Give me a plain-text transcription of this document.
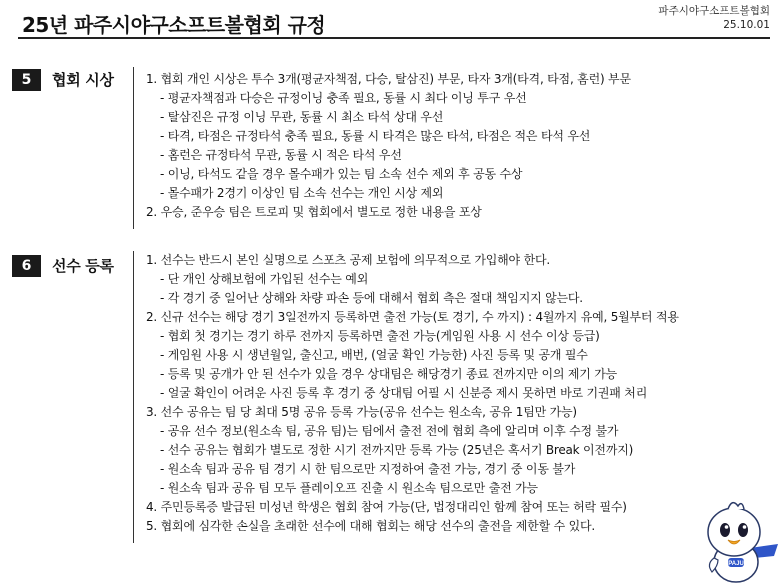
25년 파주시야구소프트볼협회 규정
파주시야구소프트볼협회
25.10.01
5	협회 시상	1. 협회 개인 시상은 투수 3개(평균자책점, 다승, 탈삼진) 부문, 타자 3개(타격, 타점, 홈런) 부문
- 평균자책점과 다승은 규정이닝 충족 필요, 동률 시 최다 이닝 투구 우선
- 탈삼진은 규정 이닝 무관, 동률 시 최소 타석 상대 우선
- 타격, 타점은 규정타석 충족 필요, 동률 시 타격은 많은 타석, 타점은 적은 타석 우선
- 홈런은 규정타석 무관, 동률 시 적은 타석 우선
- 이닝, 타석도 같을 경우 몰수패가 있는 팀 소속 선수 제외 후 공동 수상
- 몰수패가 2경기 이상인 팀 소속 선수는 개인 시상 제외
2. 우승, 준우승 팀은 트로피 및 협회에서 별도로 정한 내용을 포상
6	선수 등록	1. 선수는 반드시 본인 실명으로 스포츠 공제 보험에 의무적으로 가입해야 한다.
- 단 개인 상해보험에 가입된 선수는 예외
- 각 경기 중 일어난 상해와 차량 파손 등에 대해서 협회 측은 절대 책임지지 않는다.
2. 신규 선수는 해당 경기 3일전까지 등록하면 출전 가능(토 경기, 수 까지) : 4월까지 유예, 5월부터 적용
- 협회 첫 경기는 경기 하루 전까지 등록하면 출전 가능(게임원 사용 시 선수 이상 등급)
- 게임원 사용 시 생년월일, 출신고, 배번, (얼굴 확인 가능한) 사진 등록 및 공개 필수
- 등록 및 공개가 안 된 선수가 있을 경우 상대팀은 해당경기 종료 전까지만 이의 제기 가능
- 얼굴 확인이 어려운 사진 등록 후 경기 중 상대팀 어필 시 신분증 제시 못하면 바로 기권패 처리
3. 선수 공유는 팀 당 최대 5명 공유 등록 가능(공유 선수는 원소속, 공유 1팀만 가능)
- 공유 선수 정보(원소속 팀, 공유 팀)는 팀에서 출전 전에 협회 측에 알리며 이후 수정 불가
- 선수 공유는 협회가 별도로 정한 시기 전까지만 등록 가능 (25년은 혹서기 Break 이전까지)
- 원소속 팀과 공유 팀 경기 시 한 팀으로만 지정하여 출전 가능, 경기 중 이동 불가
- 원소속 팀과 공유 팀 모두 플레이오프 진출 시 원소속 팀으로만 출전 가능
4. 주민등록증 발급된 미성년 학생은 협회 참여 가능(단, 법정대리인 함께 참여 또는 허락 필수)
5. 협회에 심각한 손실을 초래한 선수에 대해 협회는 해당 선수의 출전을 제한할 수 있다.
PAJU
